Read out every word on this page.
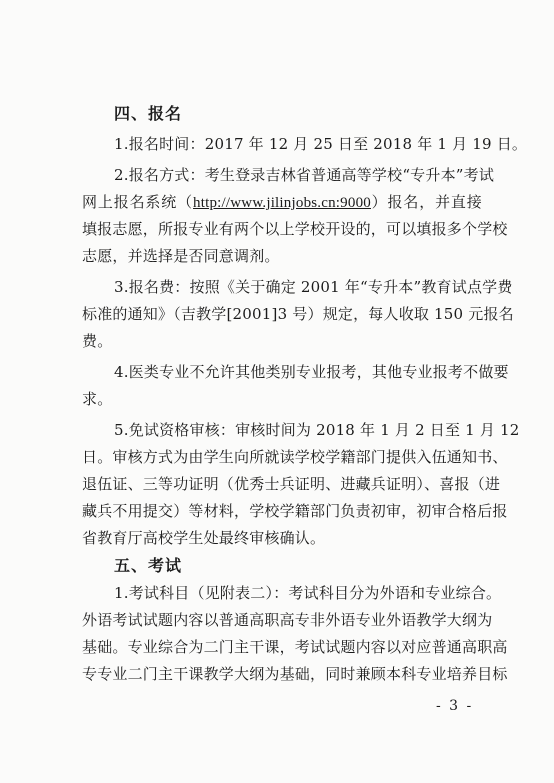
四、报名
1.报名时间：2017 年 12 月 25 日至 2018 年 1 月 19 日。
2.报名方式：考生登录吉林省普通高等学校“专升本”考试
网上报名系统（http://www.jilinjobs.cn:9000）报名，并直接
填报志愿，所报专业有两个以上学校开设的，可以填报多个学校
志愿，并选择是否同意调剂。
3.报名费：按照《关于确定 2001 年“专升本”教育试点学费
标准的通知》（吉教学[2001]3 号）规定，每人收取 150 元报名
费。
4.医类专业不允许其他类别专业报考，其他专业报考不做要
求。
5.免试资格审核：审核时间为 2018 年 1 月 2 日至 1 月 12
日。审核方式为由学生向所就读学校学籍部门提供入伍通知书、
退伍证、三等功证明（优秀士兵证明、进藏兵证明）、喜报（进
藏兵不用提交）等材料，学校学籍部门负责初审，初审合格后报
省教育厅高校学生处最终审核确认。
五、考试
1.考试科目（见附表二）：考试科目分为外语和专业综合。
外语考试试题内容以普通高职高专非外语专业外语教学大纲为
基础。专业综合为二门主干课，考试试题内容以对应普通高职高
专专业二门主干课教学大纲为基础，同时兼顾本科专业培养目标
- 3 -
